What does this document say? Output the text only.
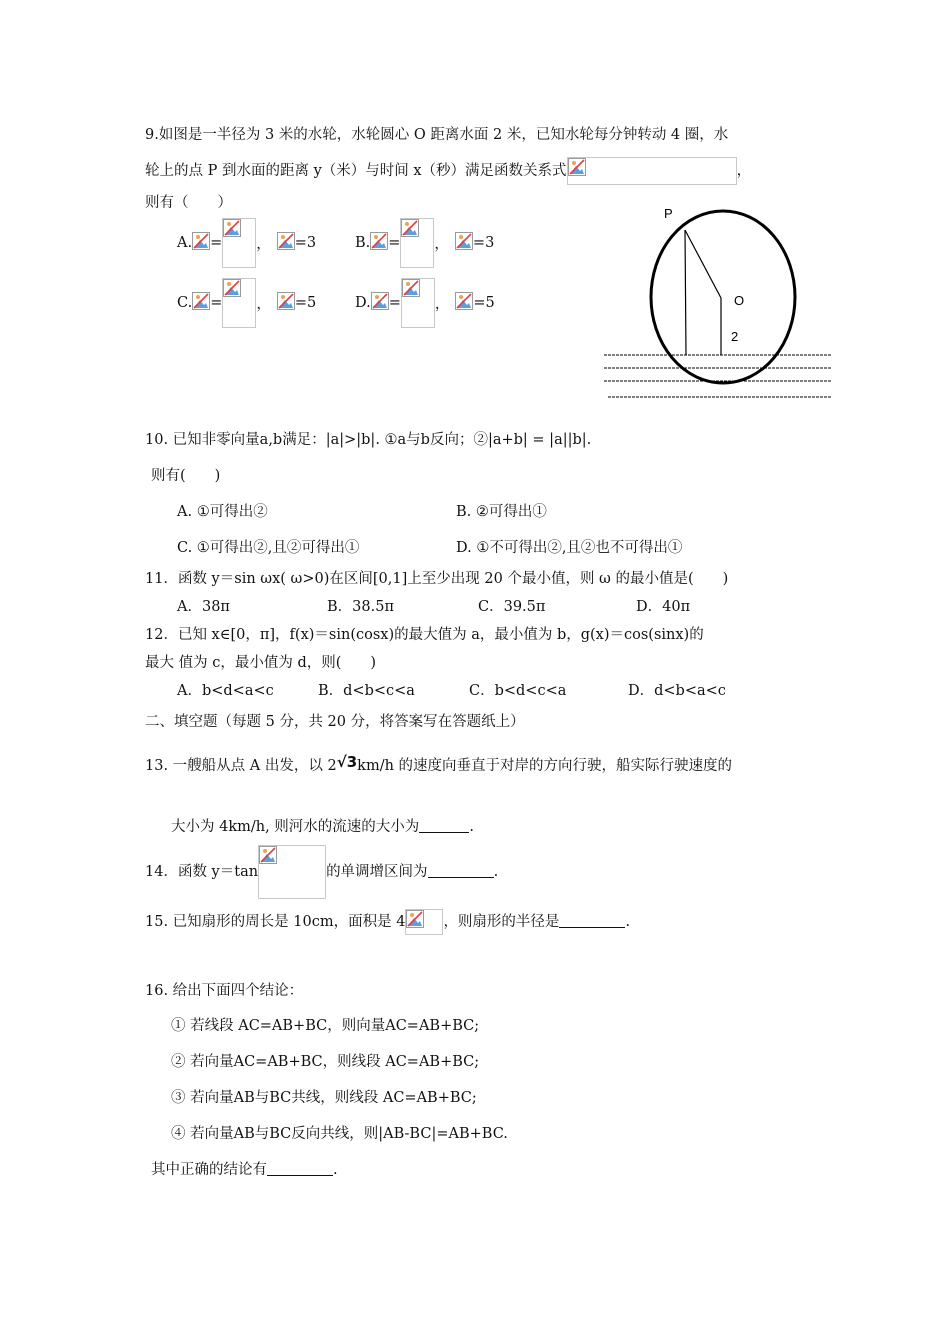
9.如图是一半径为 3 米的水轮，水轮圆心 O 距离水面 2 米，已知水轮每分钟转动 4 圈，水
轮上的点 P 到水面的距离 y（米）与时间 x（秒）满足函数关系式	，
则有（　　）
A. = ， =3	B. = ， =3
C. = ， =5	D. = ， =5
P
O
2
10. 已知非零向量a,b满足：|a|>|b|. ①a与b反向；②|a+b| = |a||b|.
则有(　　)
A. ①可得出②	B. ②可得出①
C. ①可得出②,且②可得出①	D. ①不可得出②,且②也不可得出①
11．函数 y＝sin ωx( ω>0)在区间[0,1]上至少出现 20 个最小值，则 ω 的最小值是(　　)
A．38π	B．38.5π	C．39.5π	D．40π
12．已知 x∈[0，π]，f(x)＝sin(cosx)的最大值为 a，最小值为 b，g(x)＝cos(sinx)的
最大 值为 c，最小值为 d，则(　　)
A．b<d<a<c	B．d<b<c<a	C．b<d<c<a	D．d<b<a<c
二、填空题（每题 5 分，共 20 分，将答案写在答题纸上）
13. 一艘船从点 A 出发，以 2√3km/h 的速度向垂直于对岸的方向行驶，船实际行驶速度的
大小为 4km/h, 则河水的流速的大小为	.
14．函数 y＝tan	的单调增区间为	.
15. 已知扇形的周长是 10cm，面积是 4	，则扇形的半径是	.
16. 给出下面四个结论：
① 若线段 AC=AB+BC，则向量AC=AB+BC;
② 若向量AC=AB+BC，则线段 AC=AB+BC;
③ 若向量AB与BC共线，则线段 AC=AB+BC;
④ 若向量AB与BC反向共线，则|AB-BC|=AB+BC.
其中正确的结论有	.
